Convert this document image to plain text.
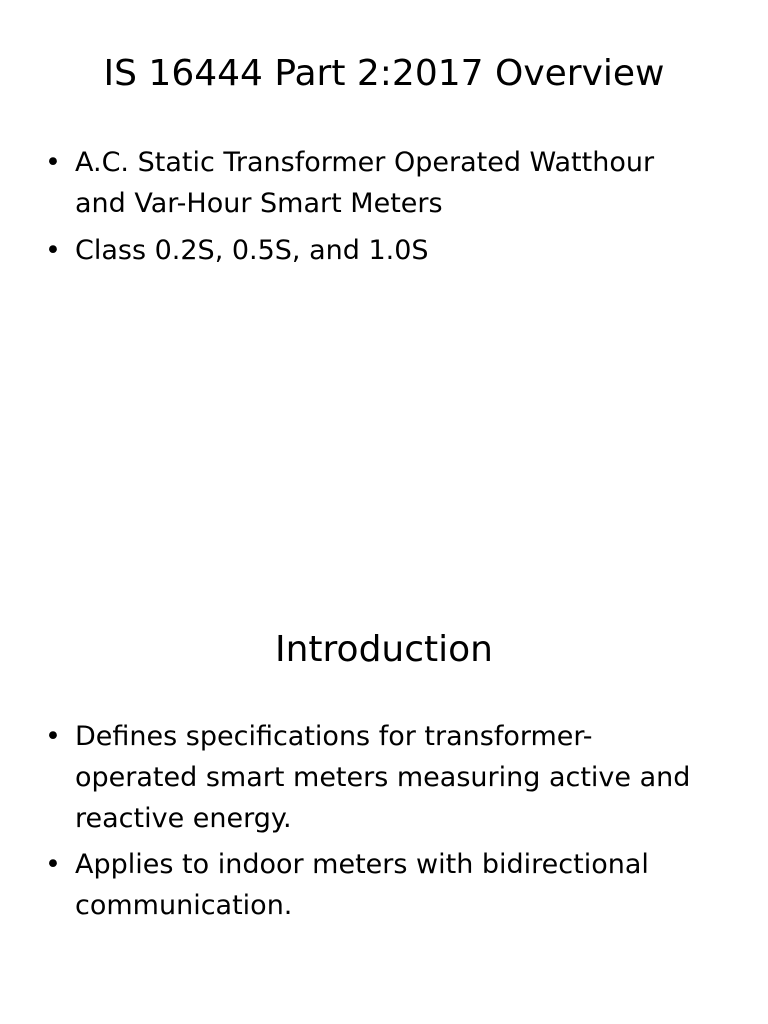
IS 16444 Part 2:2017 Overview
• A.C. Static Transformer Operated Watthour and Var-Hour Smart Meters
• Class 0.2S, 0.5S, and 1.0S
Introduction
• Defines specifications for transformer-operated smart meters measuring active and reactive energy.
• Applies to indoor meters with bidirectional communication.
